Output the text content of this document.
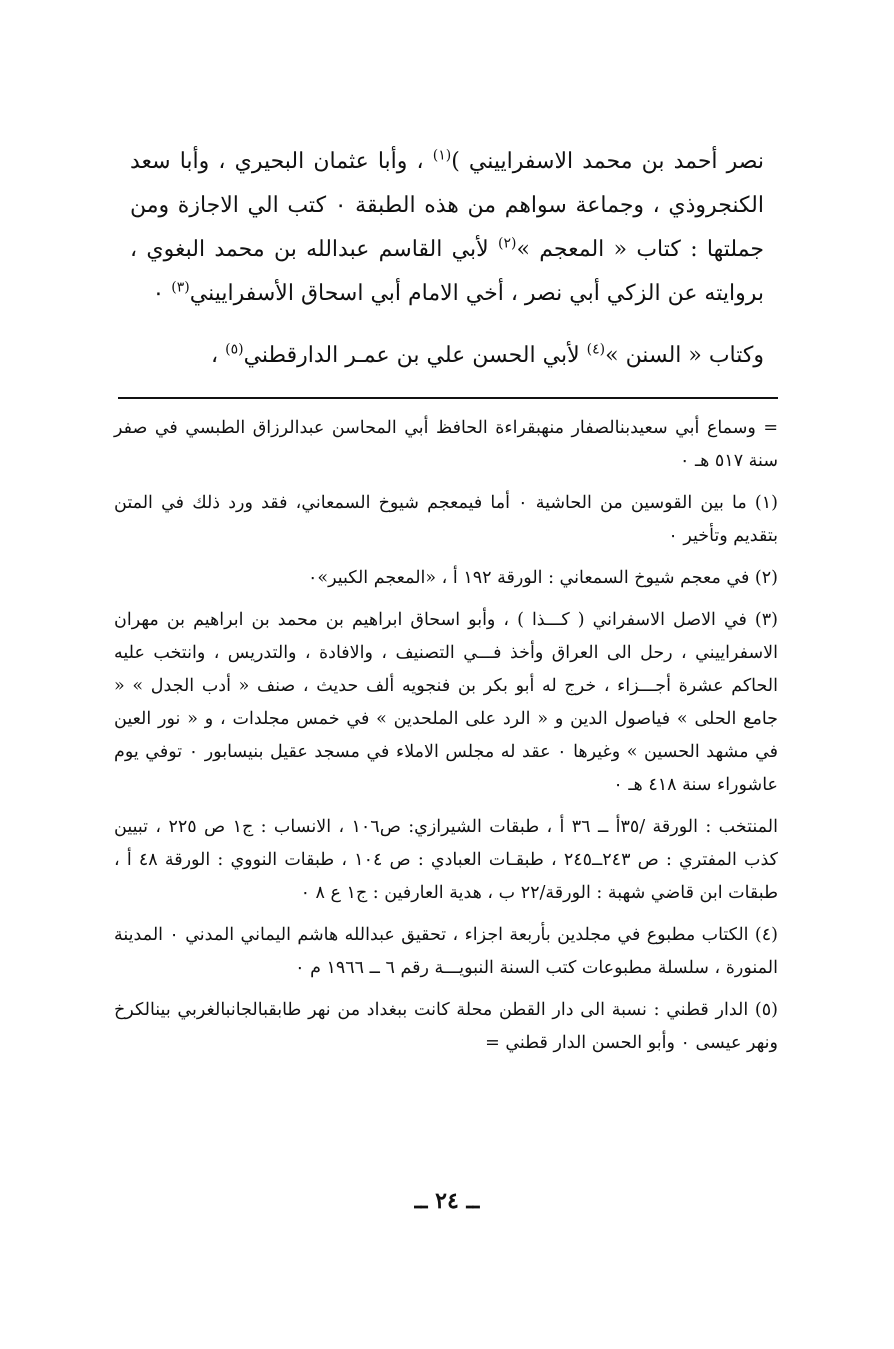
نصر أحمد بن محمد الاسفراييني )$^{(١)}$ ، وأبا عثمان البحيري ، وأبا سعد الكنجروذي ، وجماعة سواهم من هذه الطبقة ٠ كتب الي الاجازة ومن جملتها : كتاب « المعجم »$^{(٢)}$ لأبي القاسم عبدالله بن محمد البغوي ، بروايته عن الزكي أبي نصر ، أخي الامام أبي اسحاق الأسفراييني$^{(٣)}$ ٠

وكتاب « السنن »$^{(٤)}$ لأبي الحسن علي بن عمـر الدارقطني$^{(٥)}$ ،

= وسماع أبي سعيدبنالصفار منهبقراءة الحافظ أبي المحاسن عبدالرزاق الطبسي في صفر سنة ٥١٧ هـ ٠

(١) ما بين القوسين من الحاشية ٠ أما فيمعجم شيوخ السمعاني، فقد ورد ذلك في المتن بتقديم وتأخير ٠

(٢) في معجم شيوخ السمعاني : الورقة ١٩٢ أ ، «المعجم الكبير»٠

(٣) في الاصل الاسفراني ( كـــذا ) ، وأبو اسحاق ابراهيم بن محمد بن ابراهيم بن مهران الاسفراييني ، رحل الى العراق وأخذ فـــي التصنيف ، والافادة ، والتدريس ، وانتخب عليه الحاكم عشرة أجـــزاء ، خرج له أبو بكر بن فنجويه ألف حديث ، صنف « أدب الجدل » « جامع الحلى » فياصول الدين و « الرد على الملحدين » في خمس مجلدات ، و « نور العين في مشهد الحسين » وغيرها ٠ عقد له مجلس الاملاء في مسجد عقيل بنيسابور ٠ توفي يوم عاشوراء سنة ٤١٨ هـ ٠

المنتخب : الورقة /٣٥أ ــ ٣٦ أ ، طبقات الشيرازي: ص١٠٦ ، الانساب : ج١ ص ٢٢٥ ، تبيين كذب المفتري : ص ٢٤٣ــ٢٤٥ ، طبقـات العبادي : ص ١٠٤ ، طبقات النووي : الورقة ٤٨ أ ، طبقات ابن قاضي شهبة : الورقة/٢٢ ب ، هدية العارفين : ج١ ع ٨ ٠

(٤) الكتاب مطبوع في مجلدين بأربعة اجزاء ، تحقيق عبدالله هاشم اليماني المدني ٠ المدينة المنورة ، سلسلة مطبوعات كتب السنة النبويـــة رقم ٦ ــ ١٩٦٦ م ٠

(٥) الدار قطني : نسبة الى دار القطن محلة كانت ببغداد من نهر طابقبالجانبالغربي بينالكرخ ونهر عيسى ٠ وأبو الحسن الدار قطني =

ــ ٢٤ ــ
